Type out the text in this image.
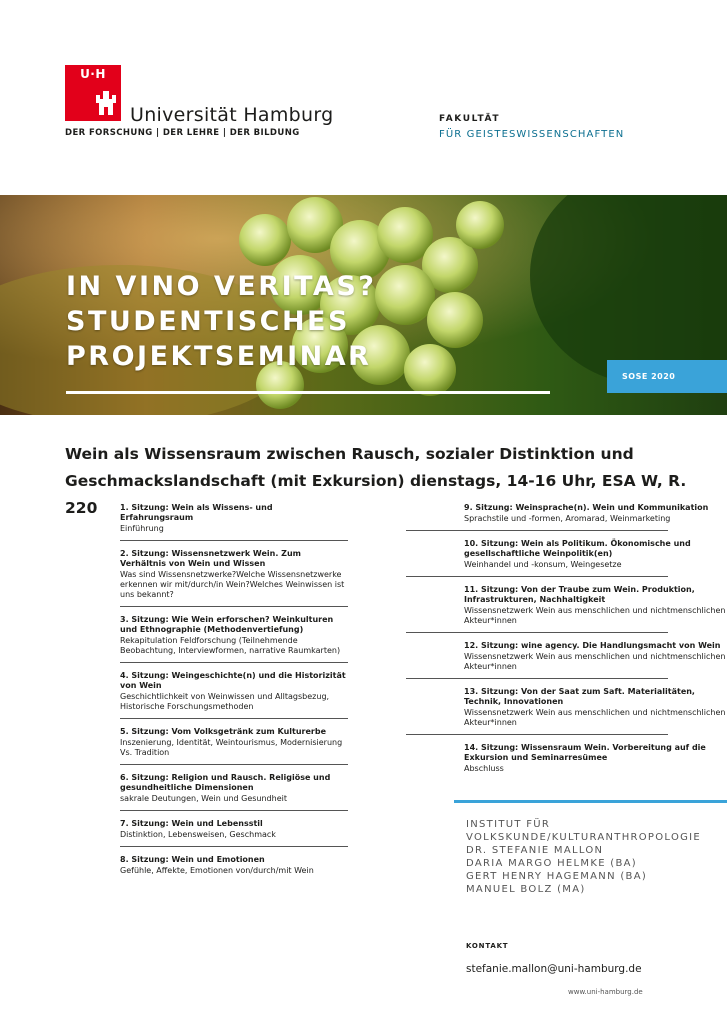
U·H
Universität Hamburg
DER FORSCHUNG | DER LEHRE | DER BILDUNG
FAKULTÄT
FÜR GEISTESWISSENSCHAFTEN
IN VINO VERITAS?
STUDENTISCHES
PROJEKTSEMINAR
SOSE 2020
Wein als Wissensraum zwischen Rausch, sozialer Distinktion und Geschmackslandschaft (mit Exkursion) dienstags, 14-16 Uhr, ESA W, R. 220	1. Sitzung: Wein als Wissens- und Erfahrungsraum
Einführung
2. Sitzung: Wissensnetzwerk Wein. Zum Verhältnis von Wein und Wissen
Was sind Wissensnetzwerke?Welche Wissensnetzwerke erkennen wir mit/durch/in Wein?Welches Weinwissen ist uns bekannt?
3. Sitzung: Wie Wein erforschen? Weinkulturen und Ethnographie (Methodenvertiefung)
Rekapitulation Feldforschung (Teilnehmende Beobachtung, Interviewformen, narrative Raumkarten)
4. Sitzung: Weingeschichte(n) und die Historizität von Wein
Geschichtlichkeit von Weinwissen und Alltagsbezug, Historische Forschungsmethoden
5. Sitzung: Vom Volksgetränk zum Kulturerbe
Inszenierung, Identität, Weintourismus, Modernisierung Vs. Tradition
6. Sitzung: Religion und Rausch. Religiöse und gesundheitliche Dimensionen
sakrale Deutungen, Wein und Gesundheit
7. Sitzung: Wein und Lebensstil
Distinktion, Lebensweisen, Geschmack
8. Sitzung: Wein und Emotionen
Gefühle, Affekte, Emotionen von/durch/mit Wein
9. Sitzung: Weinsprache(n). Wein und Kommunikation
Sprachstile und -formen, Aromarad, Weinmarketing
10. Sitzung: Wein als Politikum. Ökonomische und gesellschaftliche Weinpolitik(en)
Weinhandel und -konsum, Weingesetze
11. Sitzung: Von der Traube zum Wein. Produktion, Infrastrukturen, Nachhaltigkeit
Wissensnetzwerk Wein aus menschlichen und nichtmenschlichen Akteur*innen
12. Sitzung: wine agency. Die Handlungsmacht von Wein
Wissensnetzwerk Wein aus menschlichen und nichtmenschlichen Akteur*innen
13. Sitzung: Von der Saat zum Saft. Materialitäten, Technik, Innovationen
Wissensnetzwerk Wein aus menschlichen und nichtmenschlichen Akteur*innen
14. Sitzung: Wissensraum Wein. Vorbereitung auf die Exkursion und Seminarresümee
Abschluss
INSTITUT FÜR
VOLKSKUNDE/KULTURANTHROPOLOGIE
DR. STEFANIE MALLON
DARIA MARGO HELMKE (BA)
GERT HENRY HAGEMANN (BA)
MANUEL BOLZ (MA)
KONTAKT
stefanie.mallon@uni-hamburg.de
www.uni-hamburg.de
